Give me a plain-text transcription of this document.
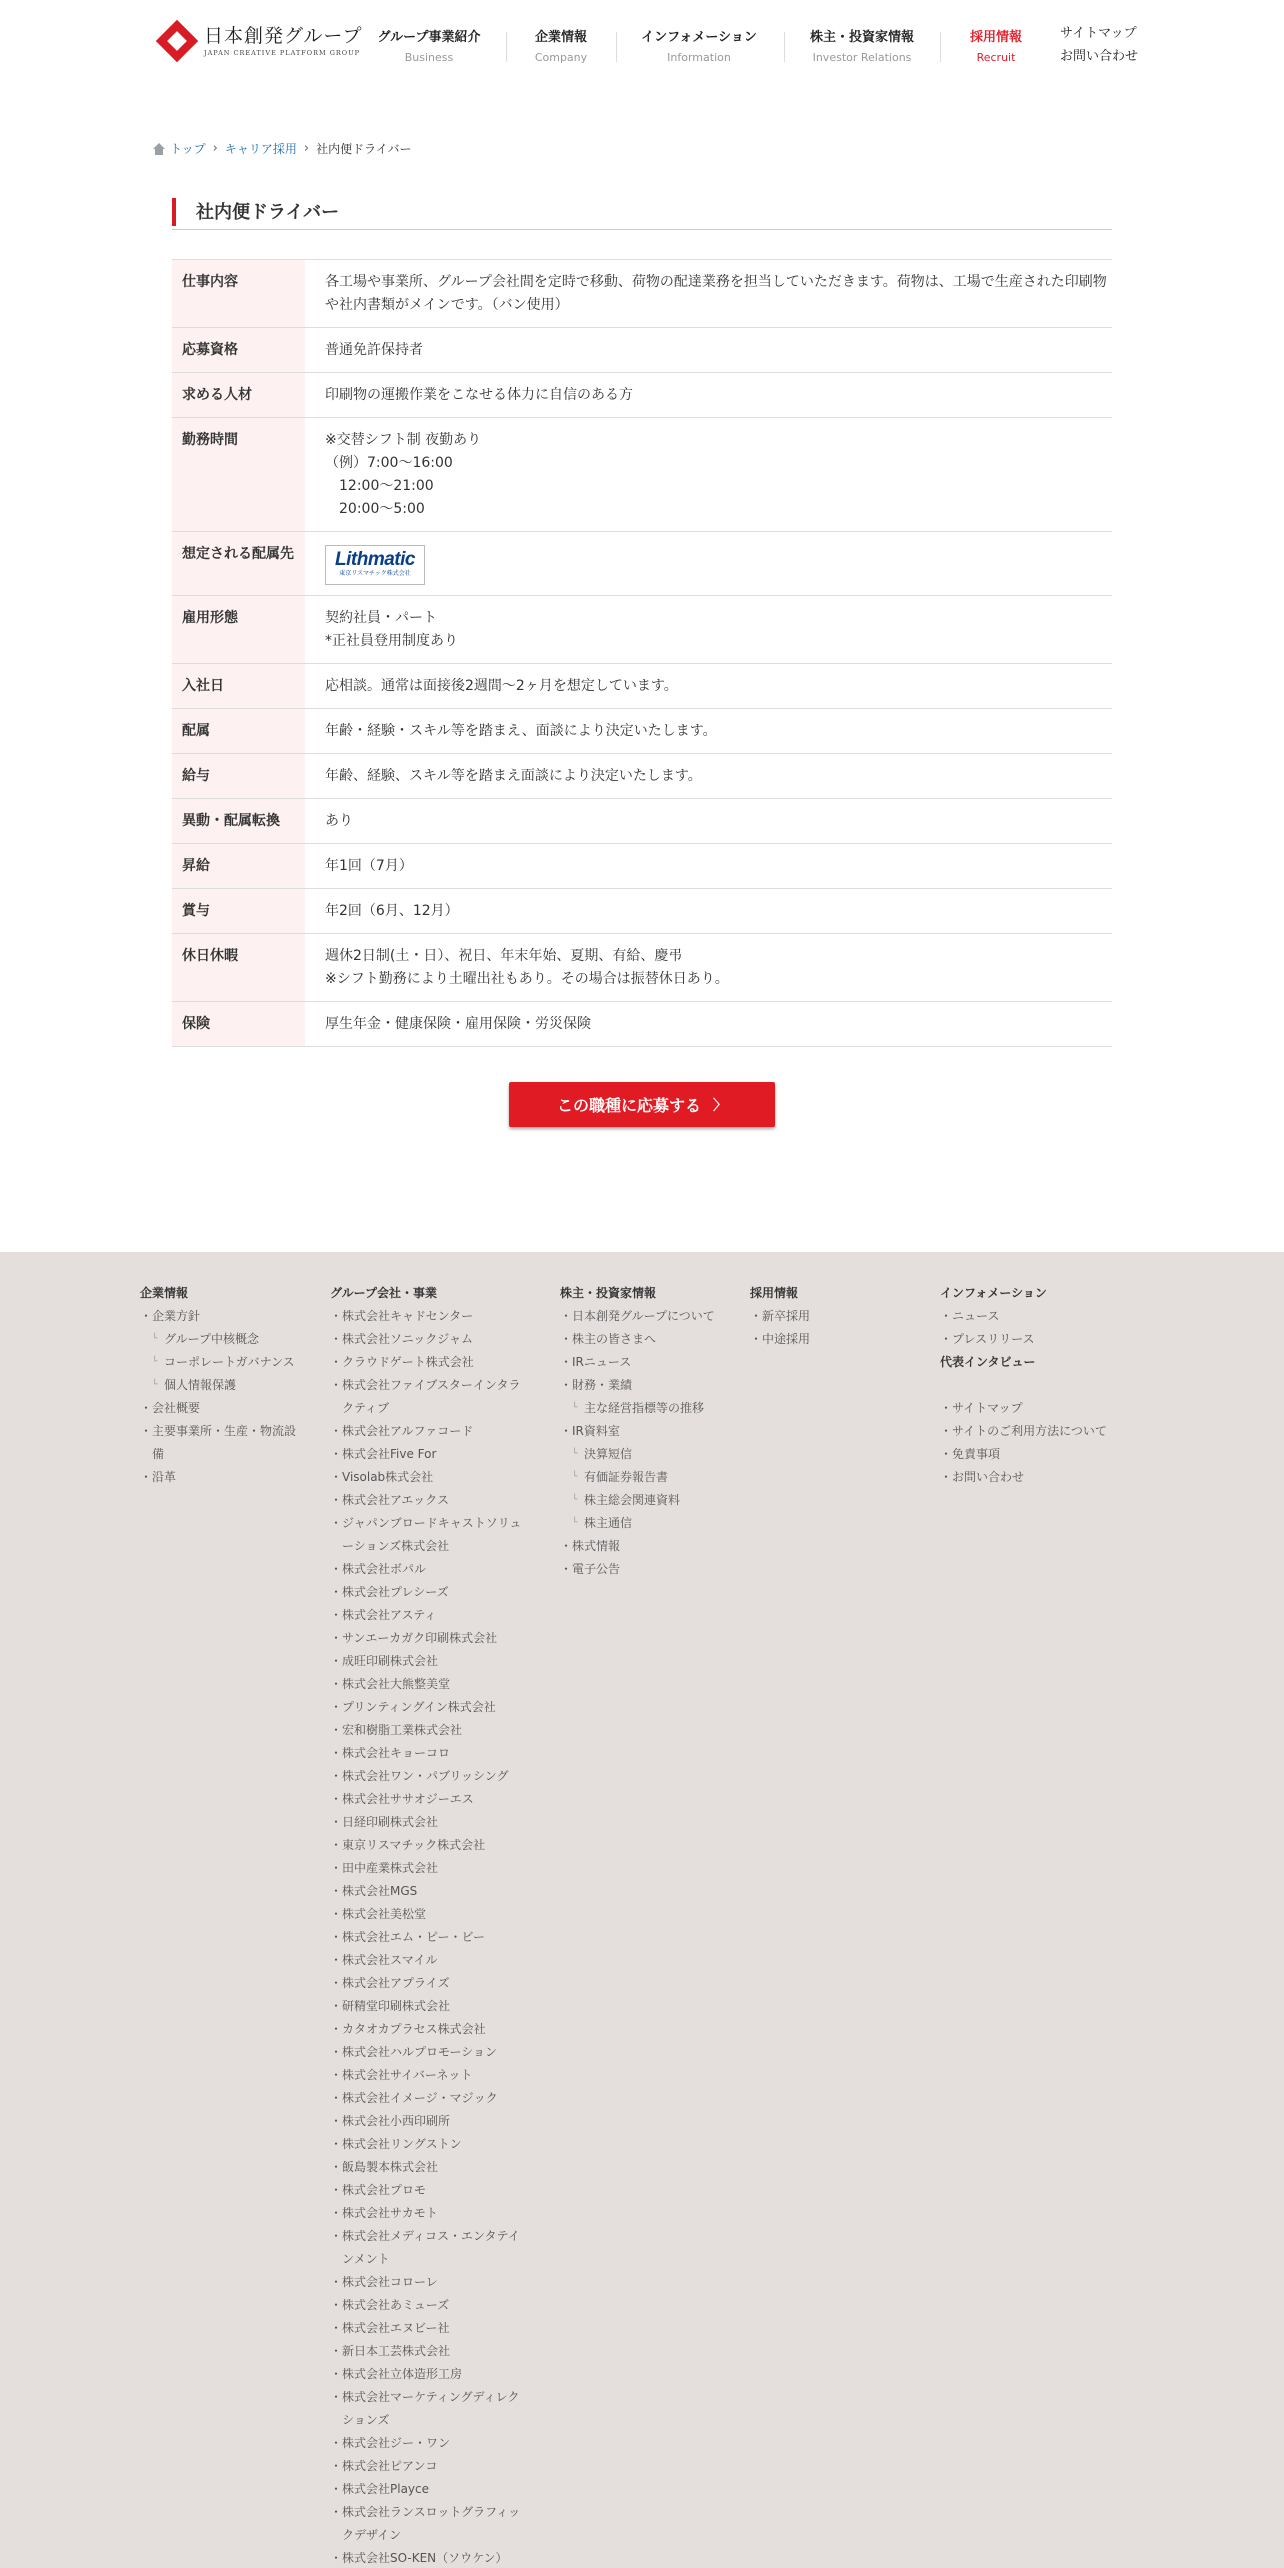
日本創発グループ
JAPAN CREATIVE PLATFORM GROUP
グループ事業紹介
Business
企業情報
Company
インフォメーション
Information
株主・投資家情報
Investor Relations
採用情報
Recruit
サイトマップ
お問い合わせ
トップ › キャリア採用 › 社内便ドライバー
社内便ドライバー
仕事内容	各工場や事業所、グループ会社間を定時で移動、荷物の配達業務を担当していただきます。荷物は、工場で生産された印刷物
や社内書類がメインです。（バン使用）

応募資格	普通免許保持者

求める人材	印刷物の運搬作業をこなせる体力に自信のある方

勤務時間	※交替シフト制 夜勤あり
（例）7:00～16:00
　12:00～21:00
　20:00～5:00

想定される配属先	Lithmatic
東京リスマチック株式会社

雇用形態	契約社員・パート
*正社員登用制度あり

入社日	応相談。通常は面接後2週間～2ヶ月を想定しています。

配属	年齢・経験・スキル等を踏まえ、面談により決定いたします。

給与	年齢、経験、スキル等を踏まえ面談により決定いたします。

異動・配属転換	あり

昇給	年1回（7月）

賞与	年2回（6月、12月）

休日休暇	週休2日制(土・日）、祝日、年末年始、夏期、有給、慶弔
※シフト勤務により土曜出社もあり。その場合は振替休日あり。

保険	厚生年金・健康保険・雇用保険・労災保険
この職種に応募する 〉
企業情報
・ 企業方針
└ グループ中核概念
└ コーポレートガバナンス
└ 個人情報保護
・ 会社概要
・ 主要事業所・生産・物流設
備
・ 沿革
グループ会社・事業
・ 株式会社キャドセンター
・ 株式会社ソニックジャム
・ クラウドゲート株式会社
・ 株式会社ファイブスターインタラ
クティブ
・ 株式会社アルファコード
・ 株式会社Five For
・ Visolab株式会社
・ 株式会社アエックス
・ ジャパンブロードキャストソリュ
ーションズ株式会社
・ 株式会社ボパル
・ 株式会社プレシーズ
・ 株式会社アスティ
・ サンエーカガク印刷株式会社
・ 成旺印刷株式会社
・ 株式会社大熊整美堂
・ プリンティングイン株式会社
・ 宏和樹脂工業株式会社
・ 株式会社キョーコロ
・ 株式会社ワン・パブリッシング
・ 株式会社ササオジーエス
・ 日経印刷株式会社
・ 東京リスマチック株式会社
・ 田中産業株式会社
・ 株式会社MGS
・ 株式会社美松堂
・ 株式会社エム・ピー・ビー
・ 株式会社スマイル
・ 株式会社アプライズ
・ 研精堂印刷株式会社
・ カタオカプラセス株式会社
・ 株式会社ハルプロモーション
・ 株式会社サイバーネット
・ 株式会社イメージ・マジック
・ 株式会社小西印刷所
・ 株式会社リングストン
・ 飯島製本株式会社
・ 株式会社プロモ
・ 株式会社サカモト
・ 株式会社メディコス・エンタテイ
ンメント
・ 株式会社コローレ
・ 株式会社あミューズ
・ 株式会社エヌビー社
・ 新日本工芸株式会社
・ 株式会社立体造形工房
・ 株式会社マーケティングディレク
ションズ
・ 株式会社ジー・ワン
・ 株式会社ピアンコ
・ 株式会社Playce
・ 株式会社ランスロットグラフィッ
クデザイン
・ 株式会社SO-KEN（ソウケン）
株主・投資家情報
・ 日本創発グループについて
・ 株主の皆さまへ
・ IRニュース
・ 財務・業績
└ 主な経営指標等の推移
・ IR資料室
└ 決算短信
└ 有価証券報告書
└ 株主総会関連資料
└ 株主通信
・ 株式情報
・ 電子公告
採用情報
・ 新卒採用
・ 中途採用
インフォメーション
・ ニュース
・ プレスリリース
代表インタビュー
・ サイトマップ
・ サイトのご利用方法について
・ 免責事項
・ お問い合わせ
